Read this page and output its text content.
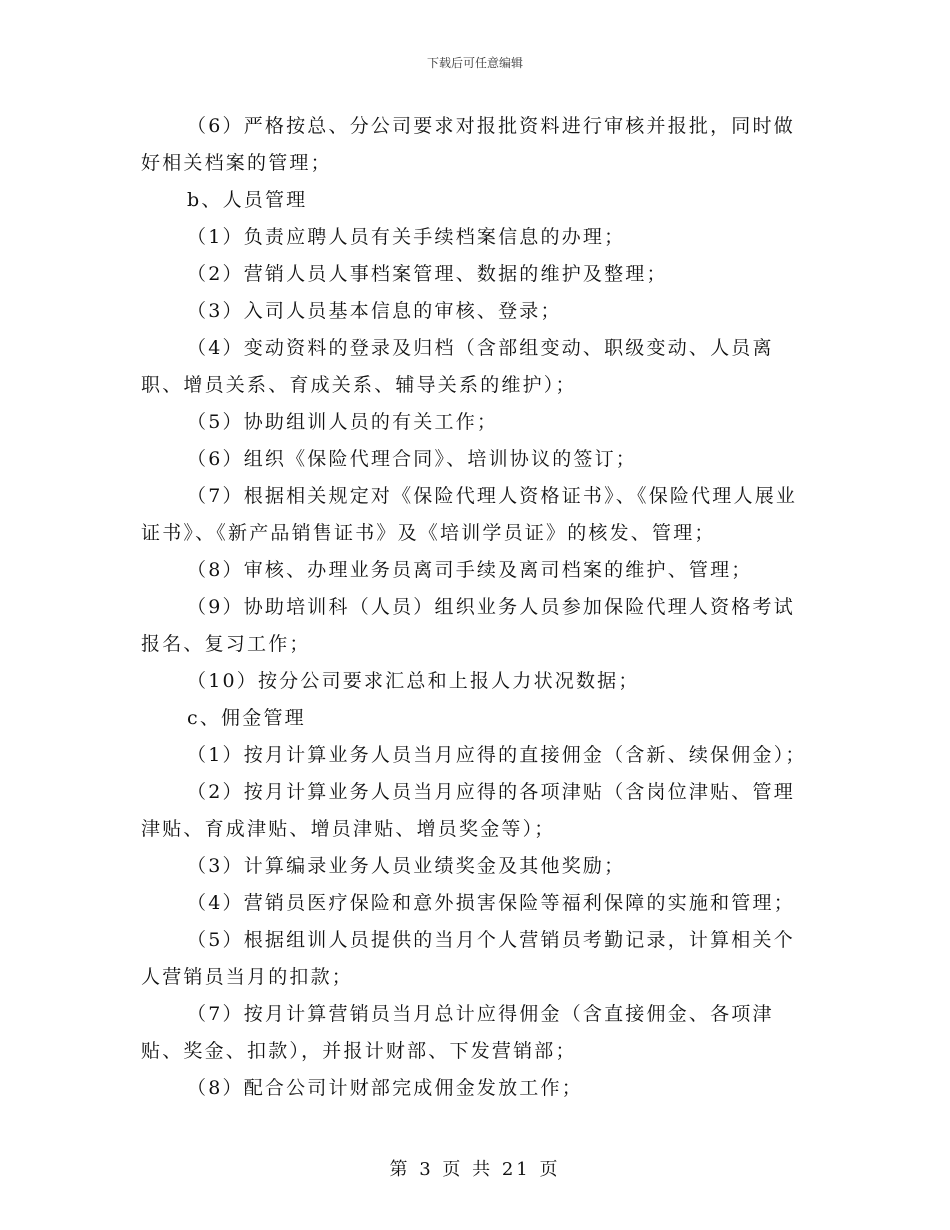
下载后可任意编辑

（6）严格按总、分公司要求对报批资料进行审核并报批，同时做好相关档案的管理；

b、人员管理

（1）负责应聘人员有关手续档案信息的办理；

（2）营销人员人事档案管理、数据的维护及整理；

（3）入司人员基本信息的审核、登录；

（4）变动资料的登录及归档（含部组变动、职级变动、人员离职、增员关系、育成关系、辅导关系的维护）；

（5）协助组训人员的有关工作；

（6）组织《保险代理合同》、培训协议的签订；

（7）根据相关规定对《保险代理人资格证书》、《保险代理人展业证书》、《新产品销售证书》及《培训学员证》的核发、管理；

（8）审核、办理业务员离司手续及离司档案的维护、管理；

（9）协助培训科（人员）组织业务人员参加保险代理人资格考试报名、复习工作；

（10）按分公司要求汇总和上报人力状况数据；

c、佣金管理

（1）按月计算业务人员当月应得的直接佣金（含新、续保佣金）；

（2）按月计算业务人员当月应得的各项津贴（含岗位津贴、管理津贴、育成津贴、增员津贴、增员奖金等）；

（3）计算编录业务人员业绩奖金及其他奖励；

（4）营销员医疗保险和意外损害保险等福利保障的实施和管理；

（5）根据组训人员提供的当月个人营销员考勤记录，计算相关个人营销员当月的扣款；

（7）按月计算营销员当月总计应得佣金（含直接佣金、各项津贴、奖金、扣款），并报计财部、下发营销部；

（8）配合公司计财部完成佣金发放工作；

第 3 页 共 21 页
